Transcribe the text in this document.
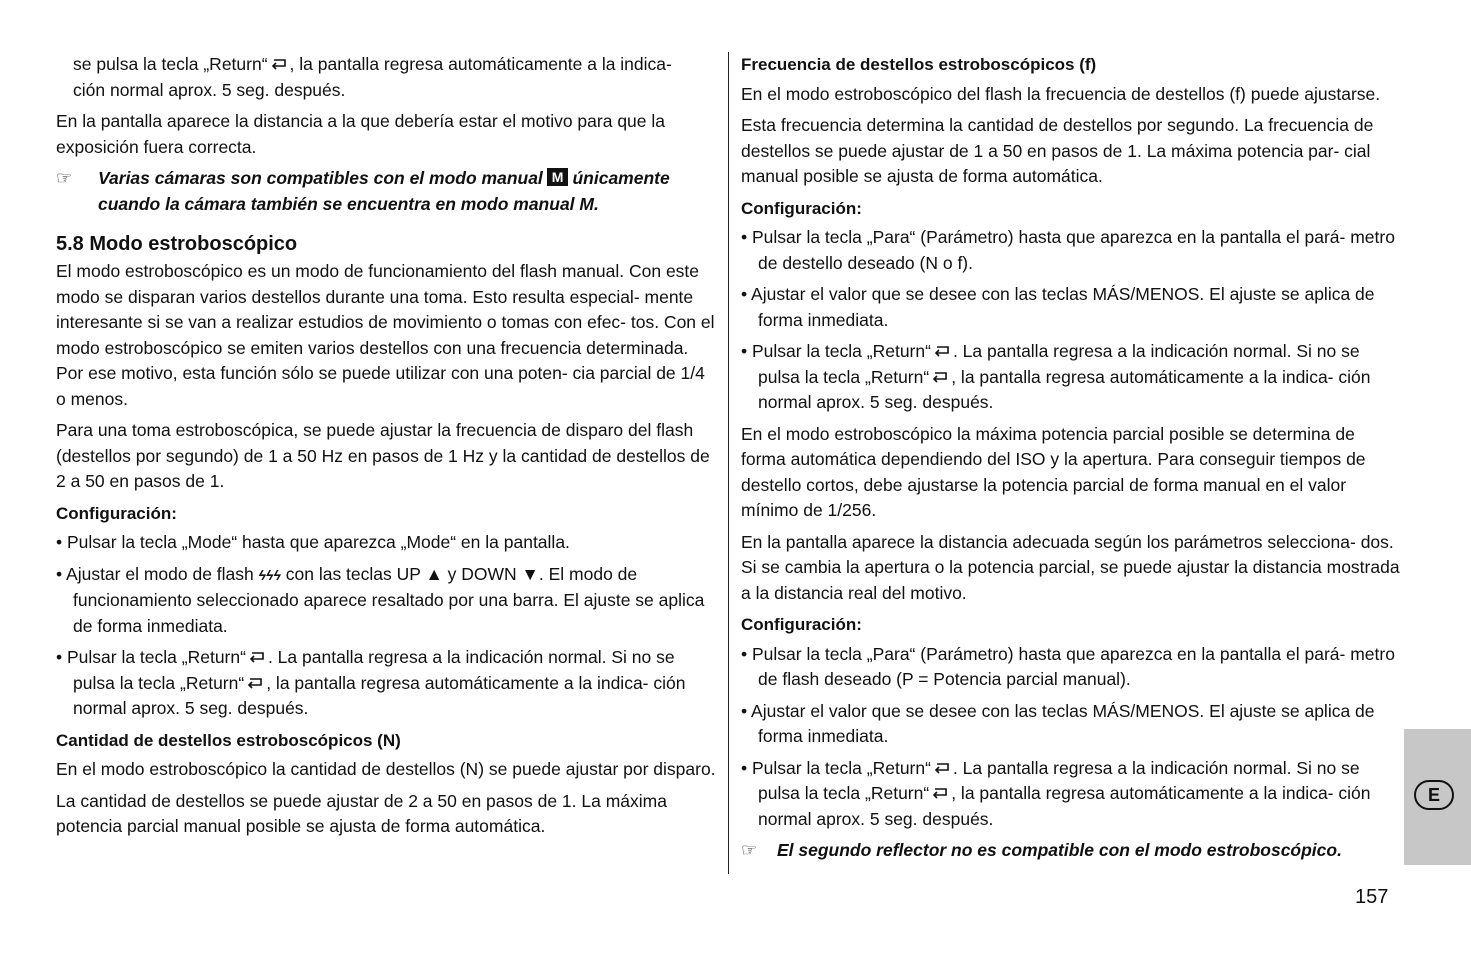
se pulsa la tecla „Return“ , la pantalla regresa automáticamente a la indica-
ción normal aprox. 5 seg. después.

En la pantalla aparece la distancia a la que debería estar el motivo para que la exposición fuera correcta.

☞ Varias cámaras son compatibles con el modo manual M únicamente
cuando la cámara también se encuentra en modo manual M.
5.8 Modo estroboscópico

El modo estroboscópico es un modo de funcionamiento del flash manual. Con este modo se disparan varios destellos durante una toma. Esto resulta especial- mente interesante si se van a realizar estudios de movimiento o tomas con efec- tos. Con el modo estroboscópico se emiten varios destellos con una frecuencia determinada. Por ese motivo, esta función sólo se puede utilizar con una poten- cia parcial de 1/4 o menos.

Para una toma estroboscópica, se puede ajustar la frecuencia de disparo del flash (destellos por segundo) de 1 a 50 Hz en pasos de 1 Hz y la cantidad de destellos de 2 a 50 en pasos de 1.

Configuración:

• Pulsar la tecla „Mode“ hasta que aparezca „Mode“ en la pantalla.

• Ajustar el modo de flash ϟϟϟ con las teclas UP ▲ y DOWN ▼. El modo de funcionamiento seleccionado aparece resaltado por una barra. El ajuste se aplica de forma inmediata.

• Pulsar la tecla „Return“ . La pantalla regresa a la indicación normal. Si no se pulsa la tecla „Return“ , la pantalla regresa automáticamente a la indica- ción normal aprox. 5 seg. después.

Cantidad de destellos estroboscópicos (N)

En el modo estroboscópico la cantidad de destellos (N) se puede ajustar por disparo.

La cantidad de destellos se puede ajustar de 2 a 50 en pasos de 1. La máxima potencia parcial manual posible se ajusta de forma automática.

Frecuencia de destellos estroboscópicos (f)

En el modo estroboscópico del flash la frecuencia de destellos (f) puede ajustarse.

Esta frecuencia determina la cantidad de destellos por segundo. La frecuencia de destellos se puede ajustar de 1 a 50 en pasos de 1. La máxima potencia par- cial manual posible se ajusta de forma automática.

Configuración:

• Pulsar la tecla „Para“ (Parámetro) hasta que aparezca en la pantalla el pará- metro de destello deseado (N o f).

• Ajustar el valor que se desee con las teclas MÁS/MENOS. El ajuste se aplica de forma inmediata.

• Pulsar la tecla „Return“ . La pantalla regresa a la indicación normal. Si no se pulsa la tecla „Return“ , la pantalla regresa automáticamente a la indica- ción normal aprox. 5 seg. después.

En el modo estroboscópico la máxima potencia parcial posible se determina de forma automática dependiendo del ISO y la apertura. Para conseguir tiempos de destello cortos, debe ajustarse la potencia parcial de forma manual en el valor mínimo de 1/256.

En la pantalla aparece la distancia adecuada según los parámetros selecciona- dos. Si se cambia la apertura o la potencia parcial, se puede ajustar la distancia mostrada a la distancia real del motivo.

Configuración:

• Pulsar la tecla „Para“ (Parámetro) hasta que aparezca en la pantalla el pará- metro de flash deseado (P = Potencia parcial manual).

• Ajustar el valor que se desee con las teclas MÁS/MENOS. El ajuste se aplica de forma inmediata.

• Pulsar la tecla „Return“ . La pantalla regresa a la indicación normal. Si no se pulsa la tecla „Return“ , la pantalla regresa automáticamente a la indica- ción normal aprox. 5 seg. después.

☞ El segundo reflector no es compatible con el modo estroboscópico.
E
157
